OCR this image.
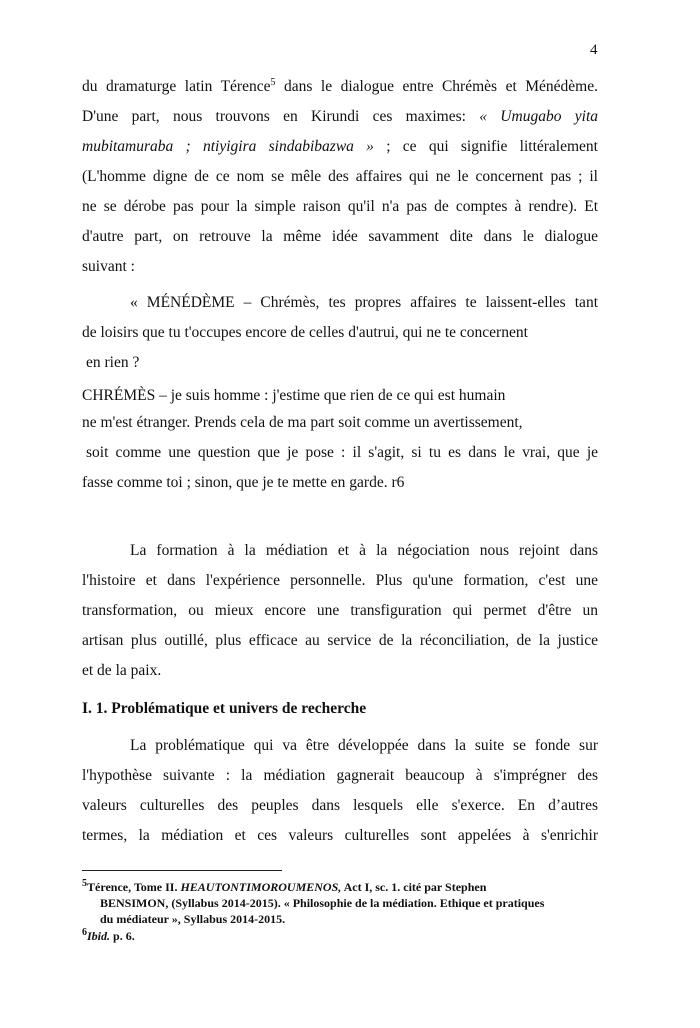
4
du dramaturge latin Térence$^5$ dans le dialogue entre Chrémès et Ménédème.
D'une part, nous trouvons en Kirundi ces maximes: « Umugabo yita
mubitamuraba ; ntiyigira sindabibazwa » ; ce qui signifie littéralement
(L'homme digne de ce nom se mêle des affaires qui ne le concernent pas ; il
ne se dérobe pas pour la simple raison qu'il n'a pas de comptes à rendre). Et
d'autre part, on retrouve la même idée savamment dite dans le dialogue
suivant :
« MÉNÉDÈME – Chrémès, tes propres affaires te laissent-elles tant
de loisirs que tu t'occupes encore de celles d'autrui, qui ne te concernent
en rien ?
CHRÉMÈS – je suis homme : j'estime que rien de ce qui est humain
ne m'est étranger. Prends cela de ma part soit comme un avertissement,
soit comme une question que je pose : il s'agit, si tu es dans le vrai, que je
fasse comme toi ; sinon, que je te mette en garde. r6
La formation à la médiation et à la négociation nous rejoint dans
l'histoire et dans l'expérience personnelle. Plus qu'une formation, c'est une
transformation, ou mieux encore une transfiguration qui permet d'être un
artisan plus outillé, plus efficace au service de la réconciliation, de la justice
et de la paix.
I. 1. Problématique et univers de recherche
La problématique qui va être développée dans la suite se fonde sur
l'hypothèse suivante : la médiation gagnerait beaucoup à s'imprégner des
valeurs culturelles des peuples dans lesquels elle s'exerce. En d’autres
termes, la médiation et ces valeurs culturelles sont appelées à s'enrichir
$^5$Térence, Tome II. HEAUTONTIMOROUMENOS, Act I, sc. 1. cité par Stephen
BENSIMON, (Syllabus 2014-2015). « Philosophie de la médiation. Ethique et pratiques
du médiateur », Syllabus 2014-2015.
$^6$Ibid. p. 6.
